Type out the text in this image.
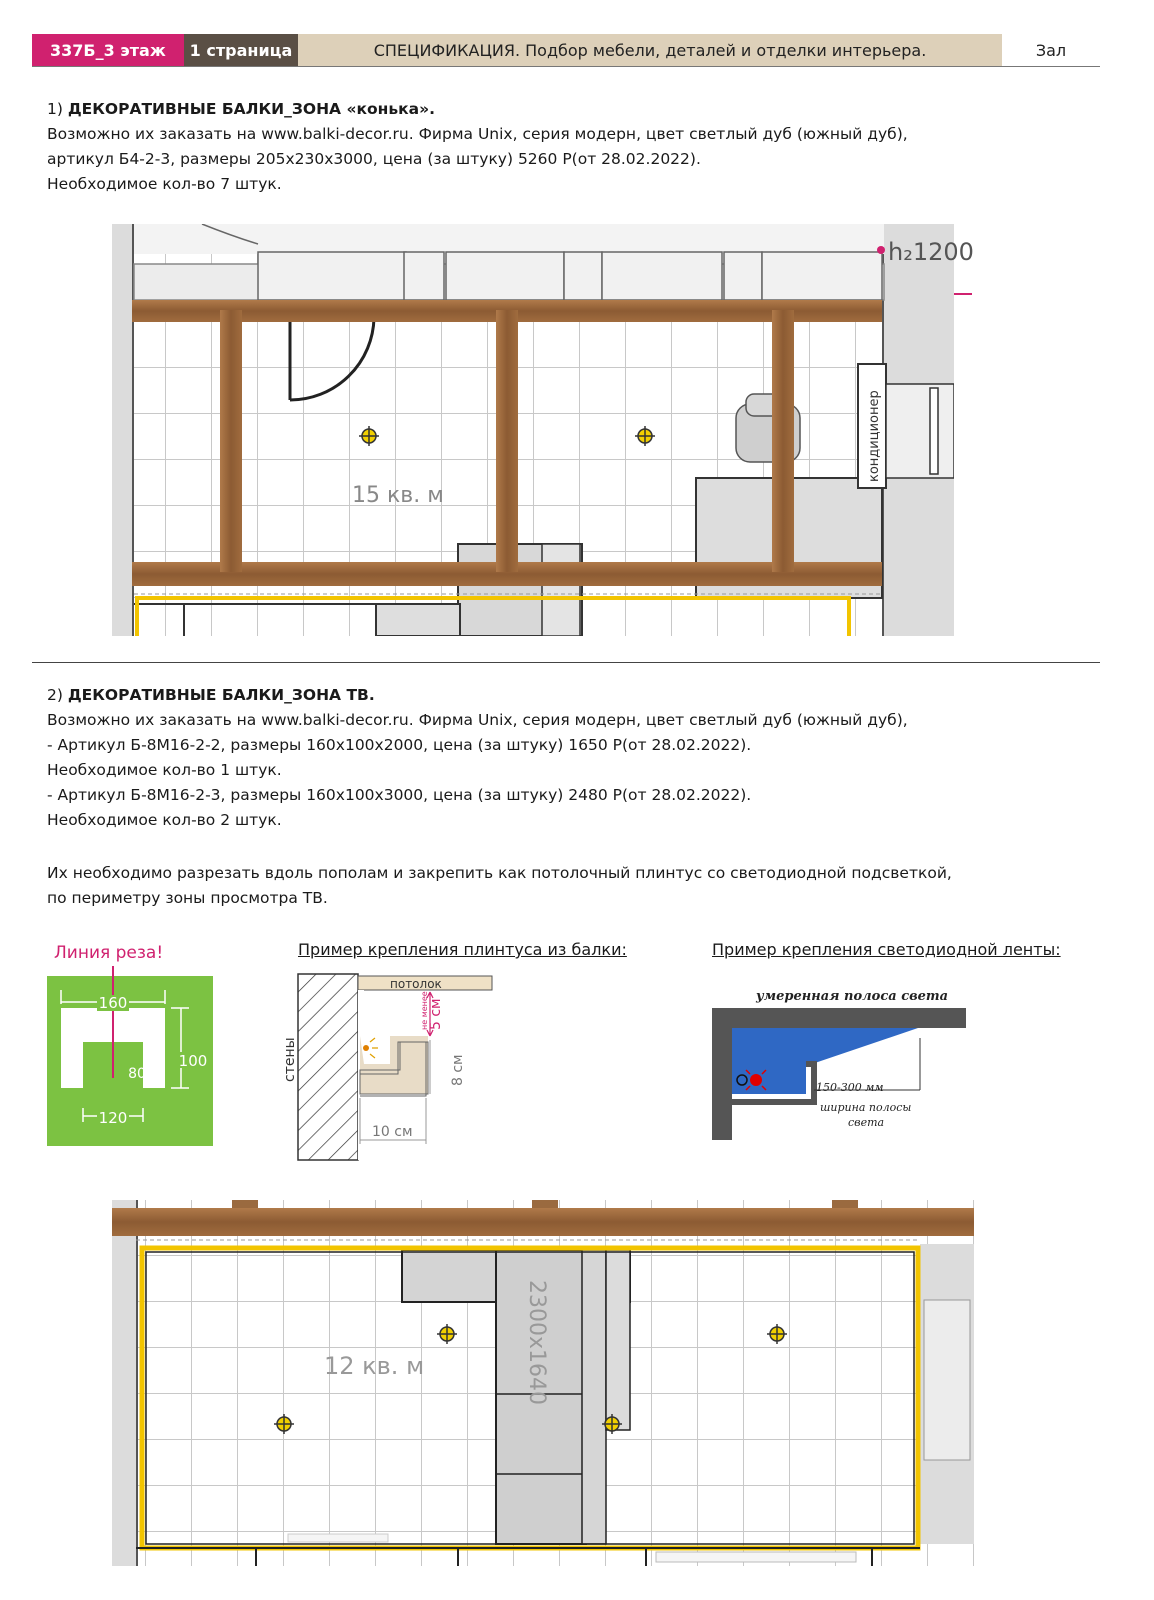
337Б_3 этаж	1 страница	СПЕЦИФИКАЦИЯ. Подбор мебели, деталей и отделки интерьера.	Зал
1) ДЕКОРАТИВНЫЕ БАЛКИ_ЗОНА «конька».
Возможно их заказать на www.balki-decor.ru. Фирма Unix, серия модерн, цвет светлый дуб (южный дуб),
артикул Б4-2-3, размеры 205х230х3000, цена (за штуку) 5260 Р(от 28.02.2022).
Необходимое кол-во 7 штук.
h₂1200
15 кв. м
кондиционер
2) ДЕКОРАТИВНЫЕ БАЛКИ_ЗОНА ТВ.
Возможно их заказать на www.balki-decor.ru. Фирма Unix, серия модерн, цвет светлый дуб (южный дуб),
- Артикул Б-8М16-2-2, размеры 160х100х2000, цена (за штуку) 1650 Р(от 28.02.2022).
Необходимое кол-во 1 штук.
- Артикул Б-8М16-2-3, размеры 160х100х3000, цена (за штуку) 2480 Р(от 28.02.2022).
Необходимое кол-во 2 штук.
Их необходимо разрезать вдоль пополам и закрепить как потолочный плинтус со светодиодной подсветкой,
по периметру зоны просмотра ТВ.
Линия реза!
160
100
80
120
Пример крепления плинтуса из балки:
потолок
5 см
не менее
8 см
10 см
стены
Пример крепления светодиодной ленты:
умеренная полоса света
150-300 мм
ширина полосы
света
12 кв. м	2300х1640
